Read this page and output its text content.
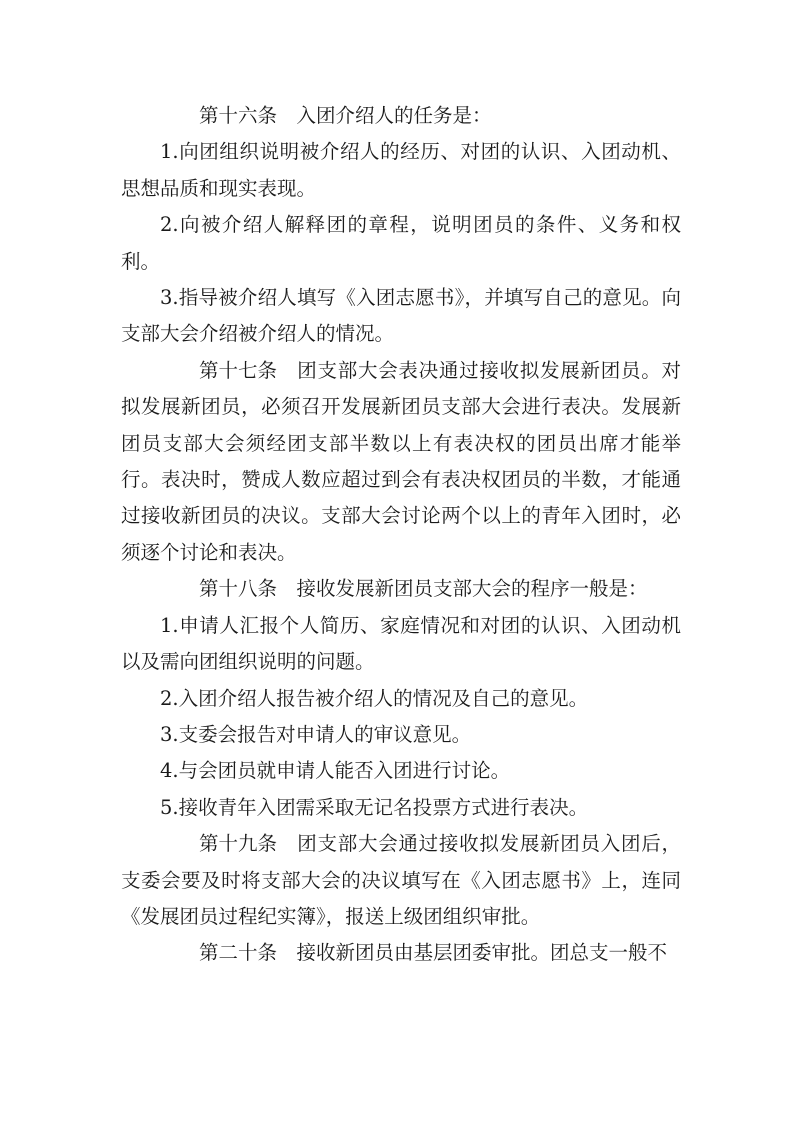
第十六条 入团介绍人的任务是：

1.向团组织说明被介绍人的经历、对团的认识、入团动机、思想品质和现实表现。

2.向被介绍人解释团的章程，说明团员的条件、义务和权利。

3.指导被介绍人填写《入团志愿书》，并填写自己的意见。向支部大会介绍被介绍人的情况。

第十七条 团支部大会表决通过接收拟发展新团员。对拟发展新团员，必须召开发展新团员支部大会进行表决。发展新团员支部大会须经团支部半数以上有表决权的团员出席才能举行。表决时，赞成人数应超过到会有表决权团员的半数，才能通过接收新团员的决议。支部大会讨论两个以上的青年入团时，必须逐个讨论和表决。

第十八条 接收发展新团员支部大会的程序一般是：

1.申请人汇报个人简历、家庭情况和对团的认识、入团动机以及需向团组织说明的问题。

2.入团介绍人报告被介绍人的情况及自己的意见。

3.支委会报告对申请人的审议意见。

4.与会团员就申请人能否入团进行讨论。

5.接收青年入团需采取无记名投票方式进行表决。

第十九条 团支部大会通过接收拟发展新团员入团后，支委会要及时将支部大会的决议填写在《入团志愿书》上，连同《发展团员过程纪实簿》，报送上级团组织审批。

第二十条 接收新团员由基层团委审批。团总支一般不
